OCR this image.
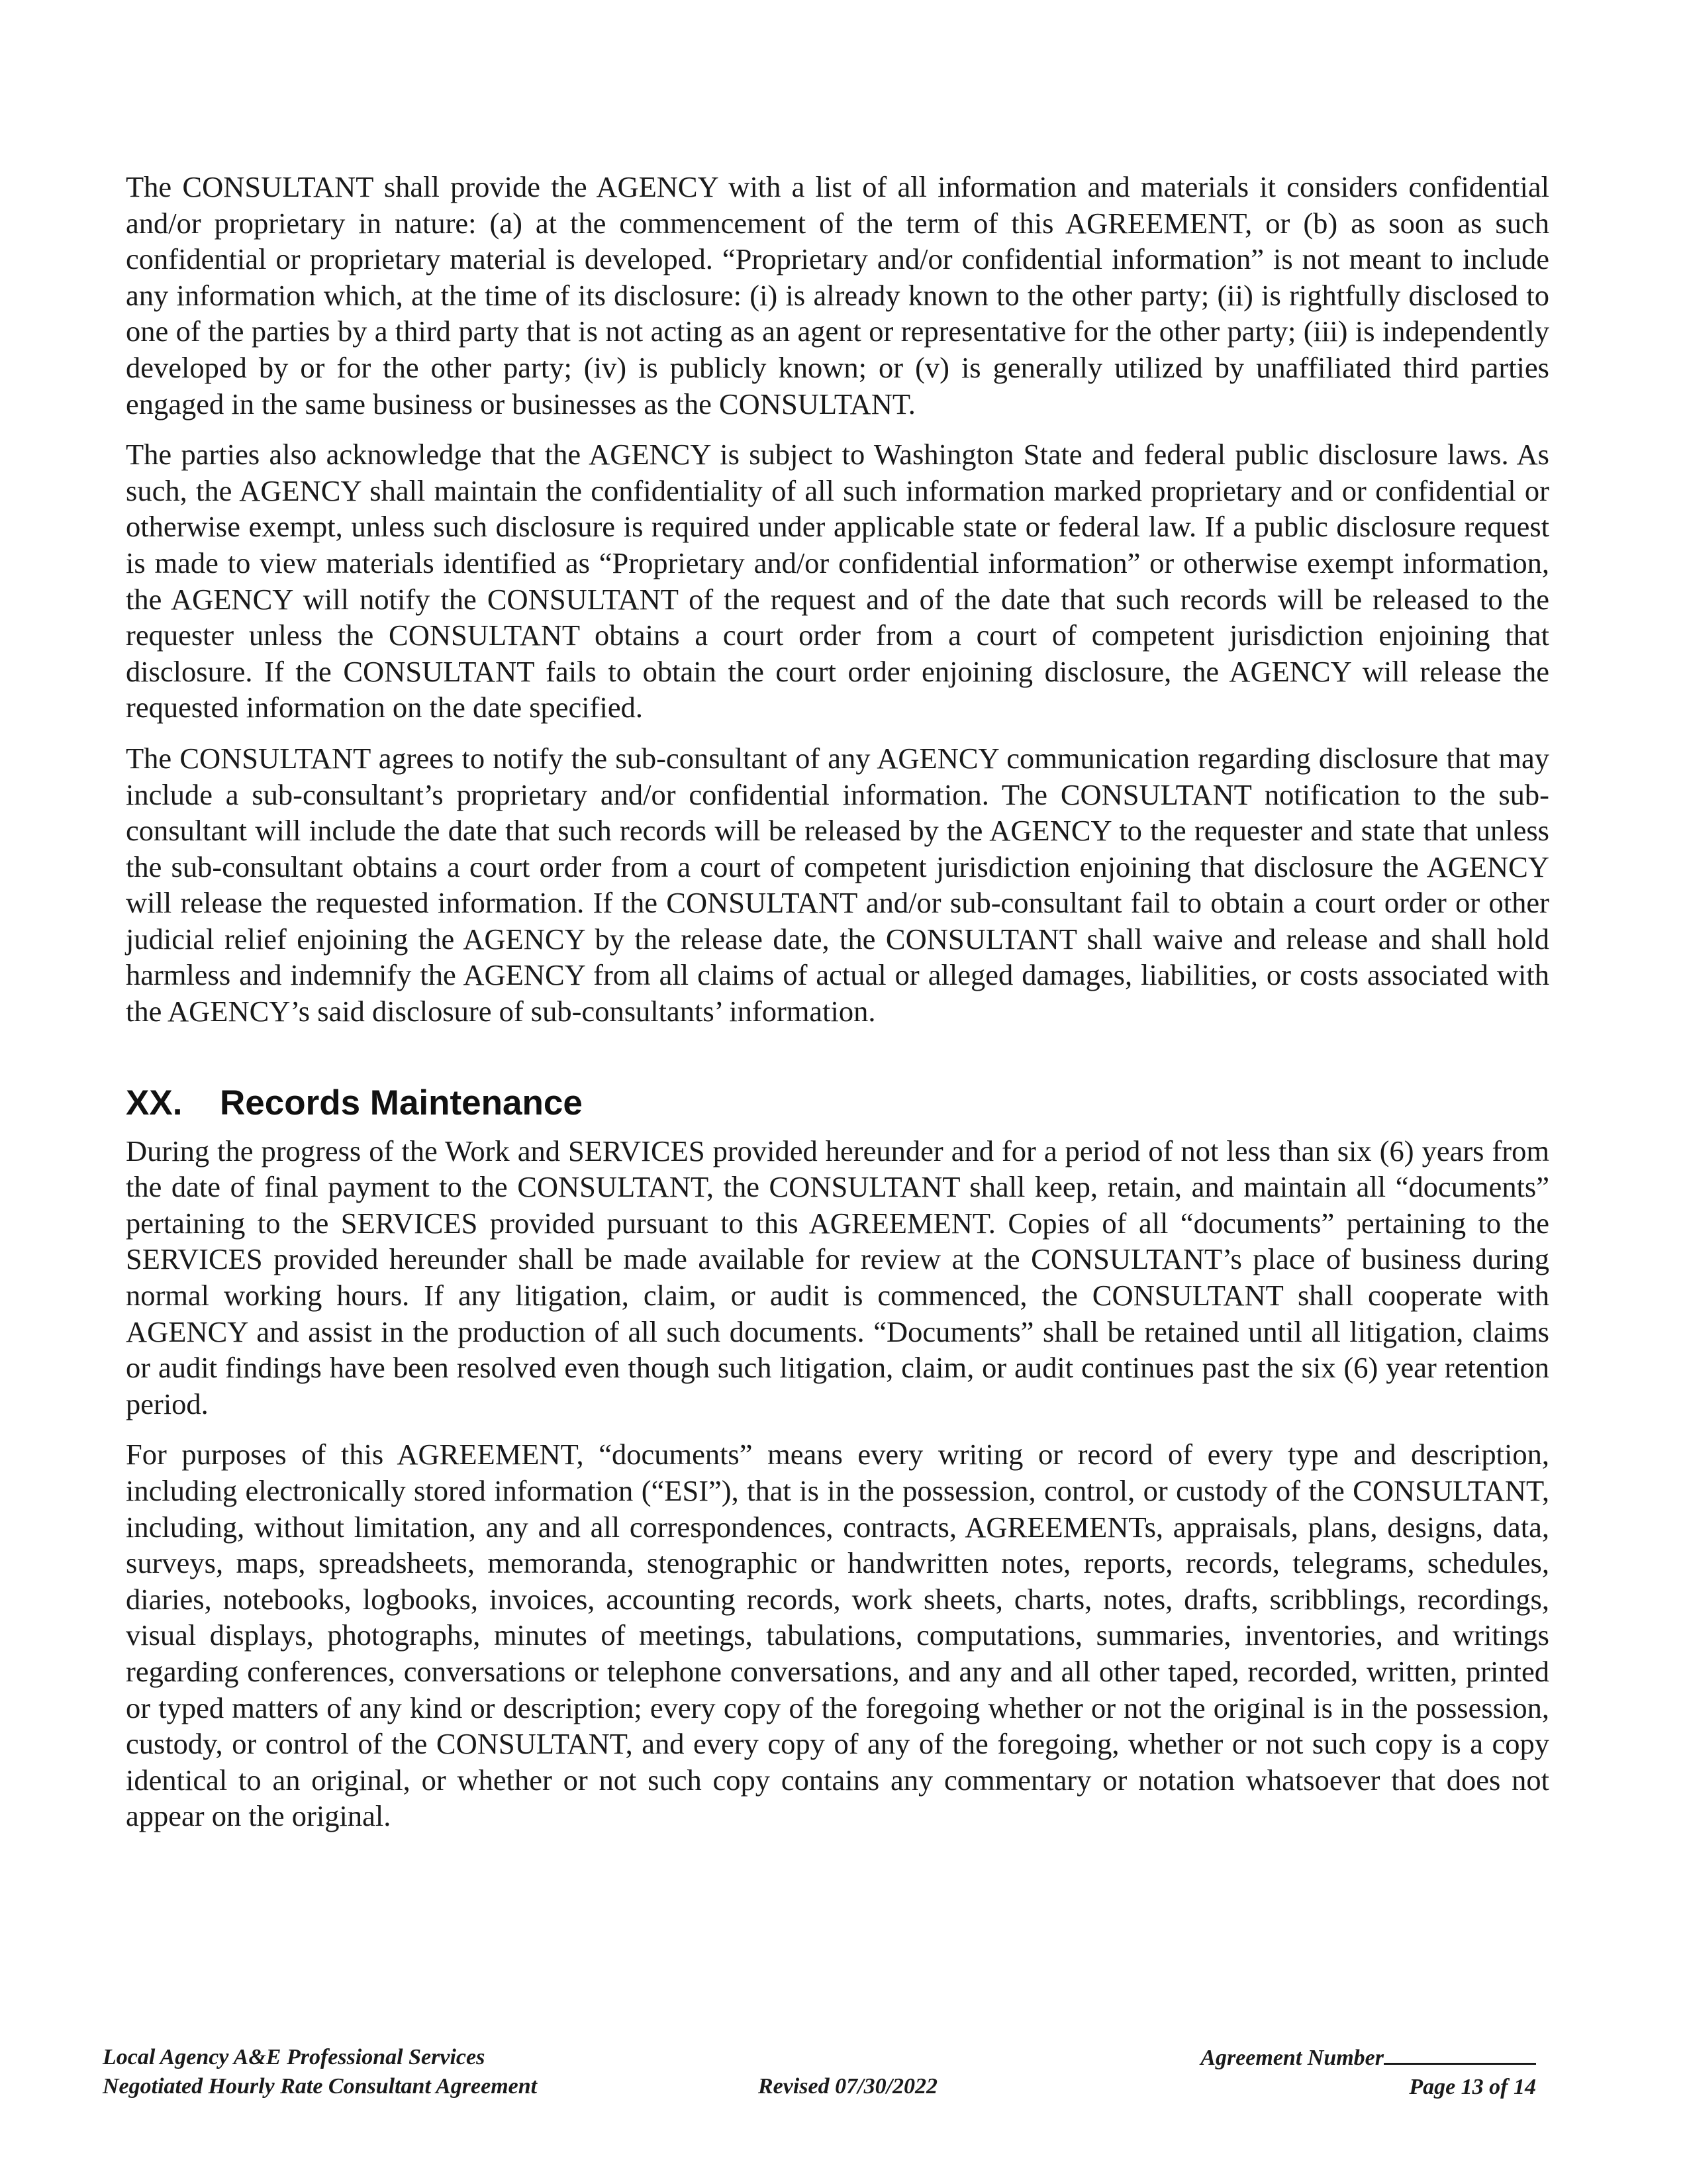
The CONSULTANT shall provide the AGENCY with a list of all information and materials it considers confidential and/or proprietary in nature: (a) at the commencement of the term of this AGREEMENT, or (b) as soon as such confidential or proprietary material is developed. “Proprietary and/or confidential information” is not meant to include any information which, at the time of its disclosure: (i) is already known to the other party; (ii) is rightfully disclosed to one of the parties by a third party that is not acting as an agent or representative for the other party; (iii) is independently developed by or for the other party; (iv) is publicly known; or (v) is generally utilized by unaffiliated third parties engaged in the same business or businesses as the CONSULTANT.

The parties also acknowledge that the AGENCY is subject to Washington State and federal public disclosure laws. As such, the AGENCY shall maintain the confidentiality of all such information marked proprietary and or confidential or otherwise exempt, unless such disclosure is required under applicable state or federal law. If a public disclosure request is made to view materials identified as “Proprietary and/or confidential information” or otherwise exempt information, the AGENCY will notify the CONSULTANT of the request and of the date that such records will be released to the requester unless the CONSULTANT obtains a court order from a court of competent jurisdiction enjoining that disclosure. If the CONSULTANT fails to obtain the court order enjoining disclosure, the AGENCY will release the requested information on the date specified.

The CONSULTANT agrees to notify the sub-consultant of any AGENCY communication regarding disclosure that may include a sub-consultant’s proprietary and/or confidential information. The CONSULTANT notification to the sub-consultant will include the date that such records will be released by the AGENCY to the requester and state that unless the sub-consultant obtains a court order from a court of competent jurisdiction enjoining that disclosure the AGENCY will release the requested information. If the CONSULTANT and/or sub-consultant fail to obtain a court order or other judicial relief enjoining the AGENCY by the release date, the CONSULTANT shall waive and release and shall hold harmless and indemnify the AGENCY from all claims of actual or alleged damages, liabilities, or costs associated with the AGENCY’s said disclosure of sub-consultants’ information.

XX. Records Maintenance

During the progress of the Work and SERVICES provided hereunder and for a period of not less than six (6) years from the date of final payment to the CONSULTANT, the CONSULTANT shall keep, retain, and maintain all “documents” pertaining to the SERVICES provided pursuant to this AGREEMENT. Copies of all “documents” pertaining to the SERVICES provided hereunder shall be made available for review at the CONSULTANT’s place of business during normal working hours. If any litigation, claim, or audit is commenced, the CONSULTANT shall cooperate with AGENCY and assist in the production of all such documents. “Documents” shall be retained until all litigation, claims or audit findings have been resolved even though such litigation, claim, or audit continues past the six (6) year retention period.

For purposes of this AGREEMENT, “documents” means every writing or record of every type and description, including electronically stored information (“ESI”), that is in the possession, control, or custody of the CONSULTANT, including, without limitation, any and all correspondences, contracts, AGREEMENTs, appraisals, plans, designs, data, surveys, maps, spreadsheets, memoranda, stenographic or handwritten notes, reports, records, telegrams, schedules, diaries, notebooks, logbooks, invoices, accounting records, work sheets, charts, notes, drafts, scribblings, recordings, visual displays, photographs, minutes of meetings, tabulations, computations, summaries, inventories, and writings regarding conferences, conversations or telephone conversations, and any and all other taped, recorded, written, printed or typed matters of any kind or description; every copy of the foregoing whether or not the original is in the possession, custody, or control of the CONSULTANT, and every copy of any of the foregoing, whether or not such copy is a copy identical to an original, or whether or not such copy contains any commentary or notation whatsoever that does not appear on the original.

Local Agency A&E Professional Services
Negotiated Hourly Rate Consultant Agreement	Revised 07/30/2022
Agreement Number
Page 13 of 14
